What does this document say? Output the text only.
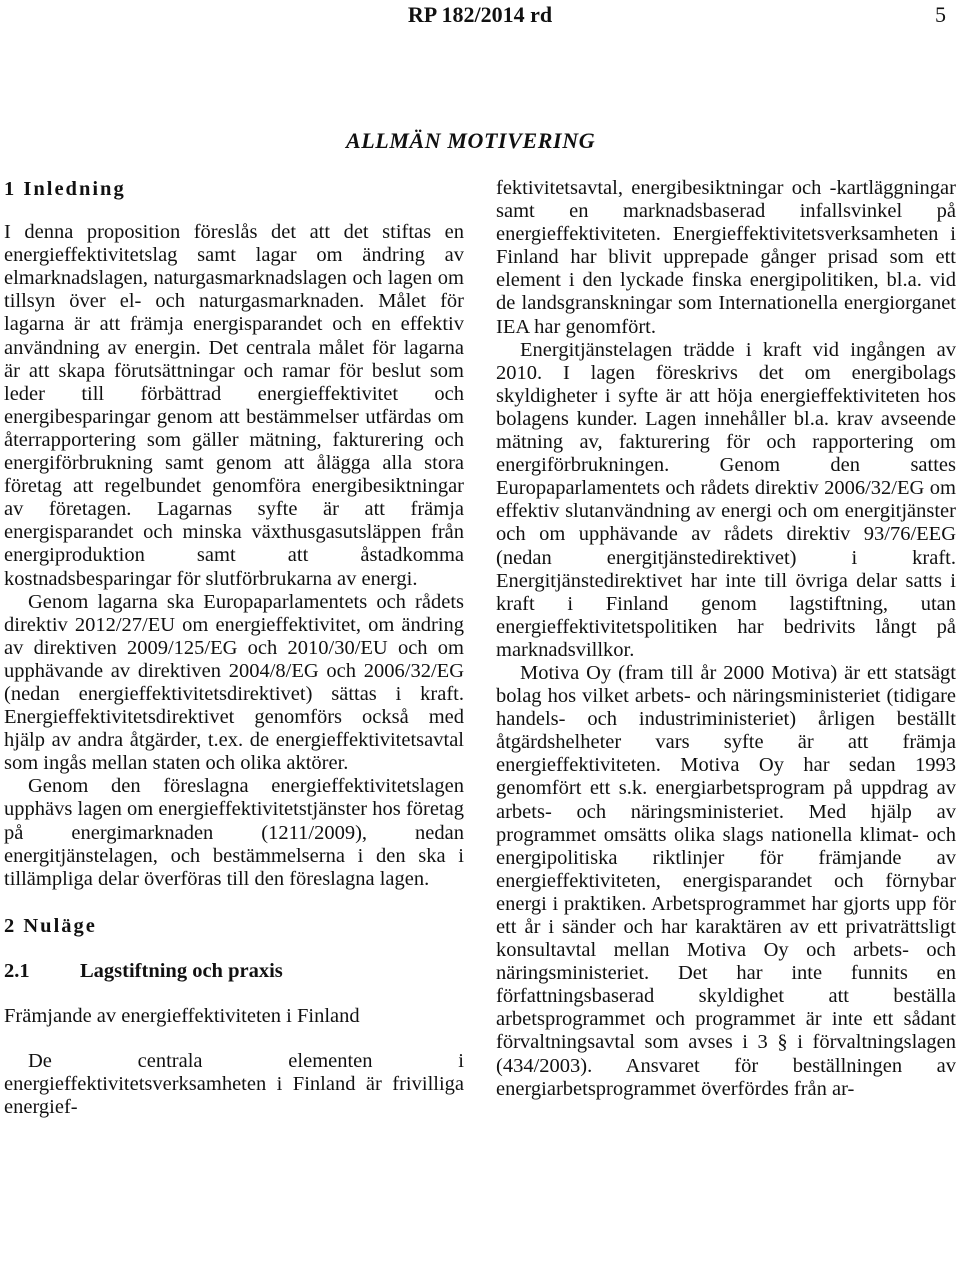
RP 182/2014 rd	5
ALLMÄN MOTIVERING
1 Inledning

I denna proposition föreslås det att det stiftas en energieffektivitetslag samt lagar om ändring av elmarknadslagen, naturgasmarknadslagen och lagen om tillsyn över el- och naturgasmarknaden. Målet för lagarna är att främja energisparandet och en effektiv användning av energin. Det centrala målet för lagarna är att skapa förutsättningar och ramar för beslut som leder till förbättrad energieffektivitet och energibesparingar genom att bestämmelser utfärdas om återrapportering som gäller mätning, fakturering och energiförbrukning samt genom att ålägga alla stora företag att regelbundet genomföra energibesiktningar av företagen. Lagarnas syfte är att främja energisparandet och minska växthusgasutsläppen från energiproduktion samt att åstadkomma kostnadsbesparingar för slutförbrukarna av energi.

Genom lagarna ska Europaparlamentets och rådets direktiv 2012/27/EU om energieffektivitet, om ändring av direktiven 2009/125/EG och 2010/30/EU och om upphävande av direktiven 2004/8/EG och 2006/32/EG (nedan energieffektivitetsdirektivet) sättas i kraft. Energieffektivitetsdirektivet genomförs också med hjälp av andra åtgärder, t.ex. de energieffektivitetsavtal som ingås mellan staten och olika aktörer.

Genom den föreslagna energieffektivitetslagen upphävs lagen om energieffektivitetstjänster hos företag på energimarknaden (1211/2009), nedan energitjänstelagen, och bestämmelserna i den ska i tillämpliga delar överföras till den föreslagna lagen.

2 Nuläge
2.1 Lagstiftning och praxis
Främjande av energieffektiviteten i Finland

De centrala elementen i energieffektivitetsverksamheten i Finland är frivilliga energief-

fektivitetsavtal, energibesiktningar och -kartläggningar samt en marknadsbaserad infallsvinkel på energieffektiviteten. Energieffektivitetsverksamheten i Finland har blivit upprepade gånger prisad som ett element i den lyckade finska energipolitiken, bl.a. vid de landsgranskningar som Internationella energiorganet IEA har genomfört.

Energitjänstelagen trädde i kraft vid ingången av 2010. I lagen föreskrivs det om energibolags skyldigheter i syfte är att höja energieffektiviteten hos bolagens kunder. Lagen innehåller bl.a. krav avseende mätning av, fakturering för och rapportering om energiförbrukningen. Genom den sattes Europaparlamentets och rådets direktiv 2006/32/EG om effektiv slutanvändning av energi och om energitjänster och om upphävande av rådets direktiv 93/76/EEG (nedan energitjänstedirektivet) i kraft. Energitjänstedirektivet har inte till övriga delar satts i kraft i Finland genom lagstiftning, utan energieffektivitetspolitiken har bedrivits långt på marknadsvillkor.

Motiva Oy (fram till år 2000 Motiva) är ett statsägt bolag hos vilket arbets- och näringsministeriet (tidigare handels- och industriministeriet) årligen beställt åtgärdshelheter vars syfte är att främja energieffektiviteten. Motiva Oy har sedan 1993 genomfört ett s.k. energiarbetsprogram på uppdrag av arbets- och näringsministeriet. Med hjälp av programmet omsätts olika slags nationella klimat- och energipolitiska riktlinjer för främjande av energieffektiviteten, energisparandet och förnybar energi i praktiken. Arbetsprogrammet har gjorts upp för ett år i sänder och har karaktären av ett privaträttsligt konsultavtal mellan Motiva Oy och arbets- och näringsministeriet. Det har inte funnits en författningsbaserad skyldighet att beställa arbetsprogrammet och programmet är inte ett sådant förvaltningsavtal som avses i 3 § i förvaltningslagen (434/2003). Ansvaret för beställningen av energiarbetsprogrammet överfördes från ar-
